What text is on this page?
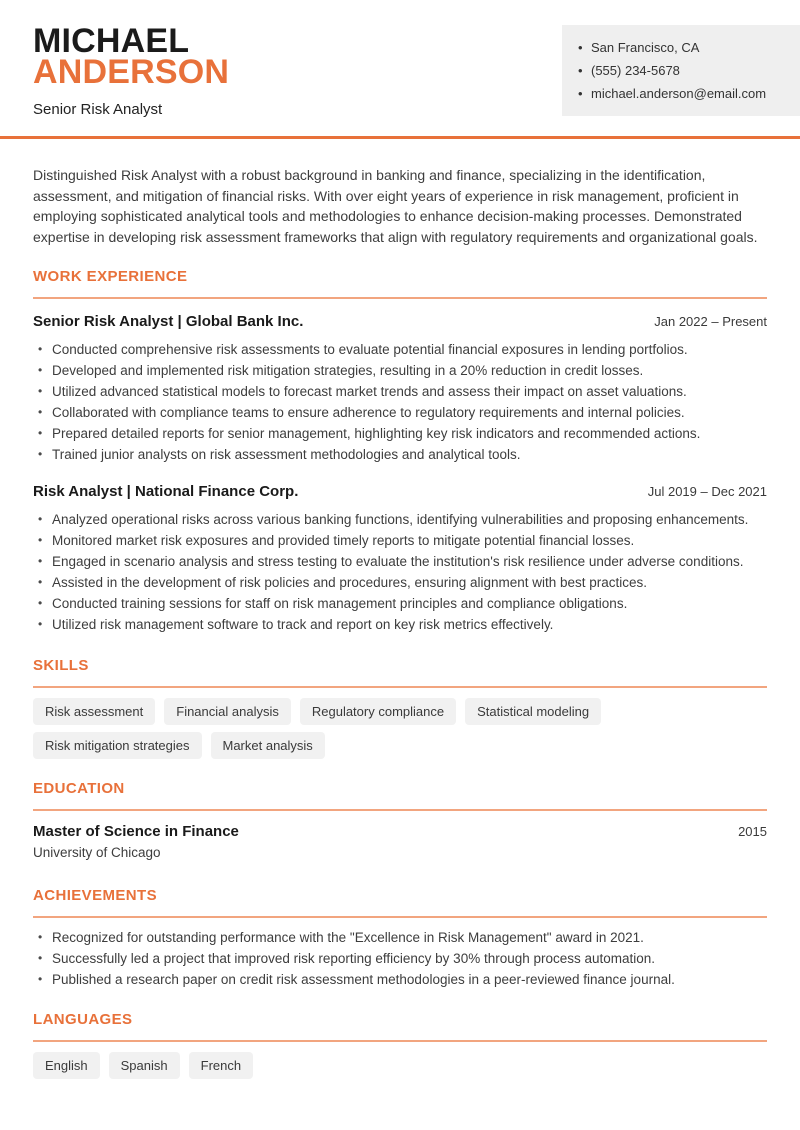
MICHAEL
ANDERSON
Senior Risk Analyst
• San Francisco, CA
• (555) 234-5678
• michael.anderson@email.com

Distinguished Risk Analyst with a robust background in banking and finance, specializing in the identification, assessment, and mitigation of financial risks. With over eight years of experience in risk management, proficient in employing sophisticated analytical tools and methodologies to enhance decision-making processes. Demonstrated expertise in developing risk assessment frameworks that align with regulatory requirements and organizational goals.

WORK EXPERIENCE
Senior Risk Analyst | Global Bank Inc.	Jan 2022 – Present
• Conducted comprehensive risk assessments to evaluate potential financial exposures in lending portfolios.
• Developed and implemented risk mitigation strategies, resulting in a 20% reduction in credit losses.
• Utilized advanced statistical models to forecast market trends and assess their impact on asset valuations.
• Collaborated with compliance teams to ensure adherence to regulatory requirements and internal policies.
• Prepared detailed reports for senior management, highlighting key risk indicators and recommended actions.
• Trained junior analysts on risk assessment methodologies and analytical tools.
Risk Analyst | National Finance Corp.	Jul 2019 – Dec 2021
• Analyzed operational risks across various banking functions, identifying vulnerabilities and proposing enhancements.
• Monitored market risk exposures and provided timely reports to mitigate potential financial losses.
• Engaged in scenario analysis and stress testing to evaluate the institution's risk resilience under adverse conditions.
• Assisted in the development of risk policies and procedures, ensuring alignment with best practices.
• Conducted training sessions for staff on risk management principles and compliance obligations.
• Utilized risk management software to track and report on key risk metrics effectively.
SKILLS
Risk assessment	Financial analysis	Regulatory compliance	Statistical modeling
Risk mitigation strategies	Market analysis
EDUCATION
Master of Science in Finance	2015
University of Chicago
ACHIEVEMENTS
• Recognized for outstanding performance with the "Excellence in Risk Management" award in 2021.
• Successfully led a project that improved risk reporting efficiency by 30% through process automation.
• Published a research paper on credit risk assessment methodologies in a peer-reviewed finance journal.
LANGUAGES
English	Spanish	French
